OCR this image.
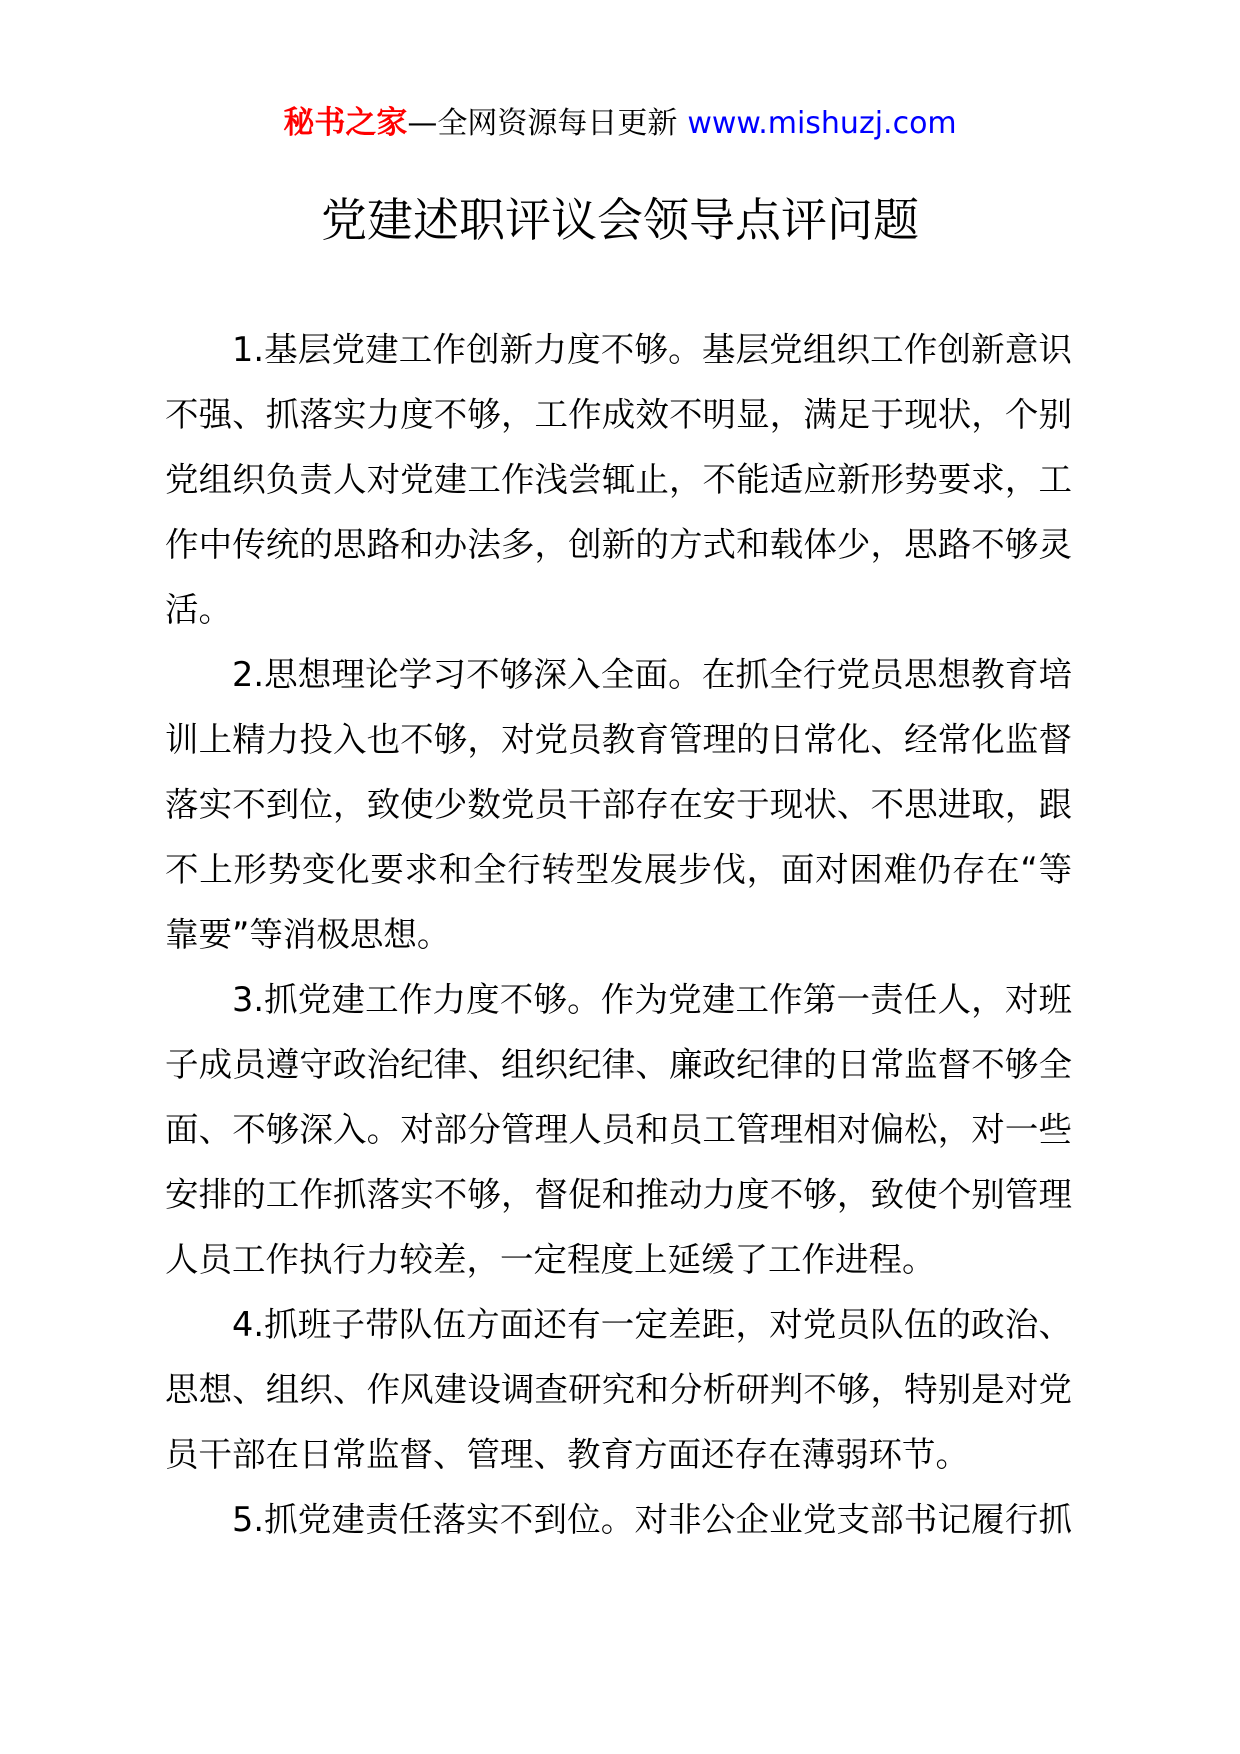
秘书之家—全网资源每日更新 www.mishuzj.com
党建述职评议会领导点评问题
1.基层党建工作创新力度不够。基层党组织工作创新意识
不强、抓落实力度不够，工作成效不明显，满足于现状，个别
党组织负责人对党建工作浅尝辄止，不能适应新形势要求，工
作中传统的思路和办法多，创新的方式和载体少，思路不够灵
活。
2.思想理论学习不够深入全面。在抓全行党员思想教育培
训上精力投入也不够，对党员教育管理的日常化、经常化监督
落实不到位，致使少数党员干部存在安于现状、不思进取，跟
不上形势变化要求和全行转型发展步伐，面对困难仍存在“等
靠要”等消极思想。
3.抓党建工作力度不够。作为党建工作第一责任人，对班
子成员遵守政治纪律、组织纪律、廉政纪律的日常监督不够全
面、不够深入。对部分管理人员和员工管理相对偏松，对一些
安排的工作抓落实不够，督促和推动力度不够，致使个别管理
人员工作执行力较差，一定程度上延缓了工作进程。
4.抓班子带队伍方面还有一定差距，对党员队伍的政治、
思想、组织、作风建设调查研究和分析研判不够，特别是对党
员干部在日常监督、管理、教育方面还存在薄弱环节。
5.抓党建责任落实不到位。对非公企业党支部书记履行抓
